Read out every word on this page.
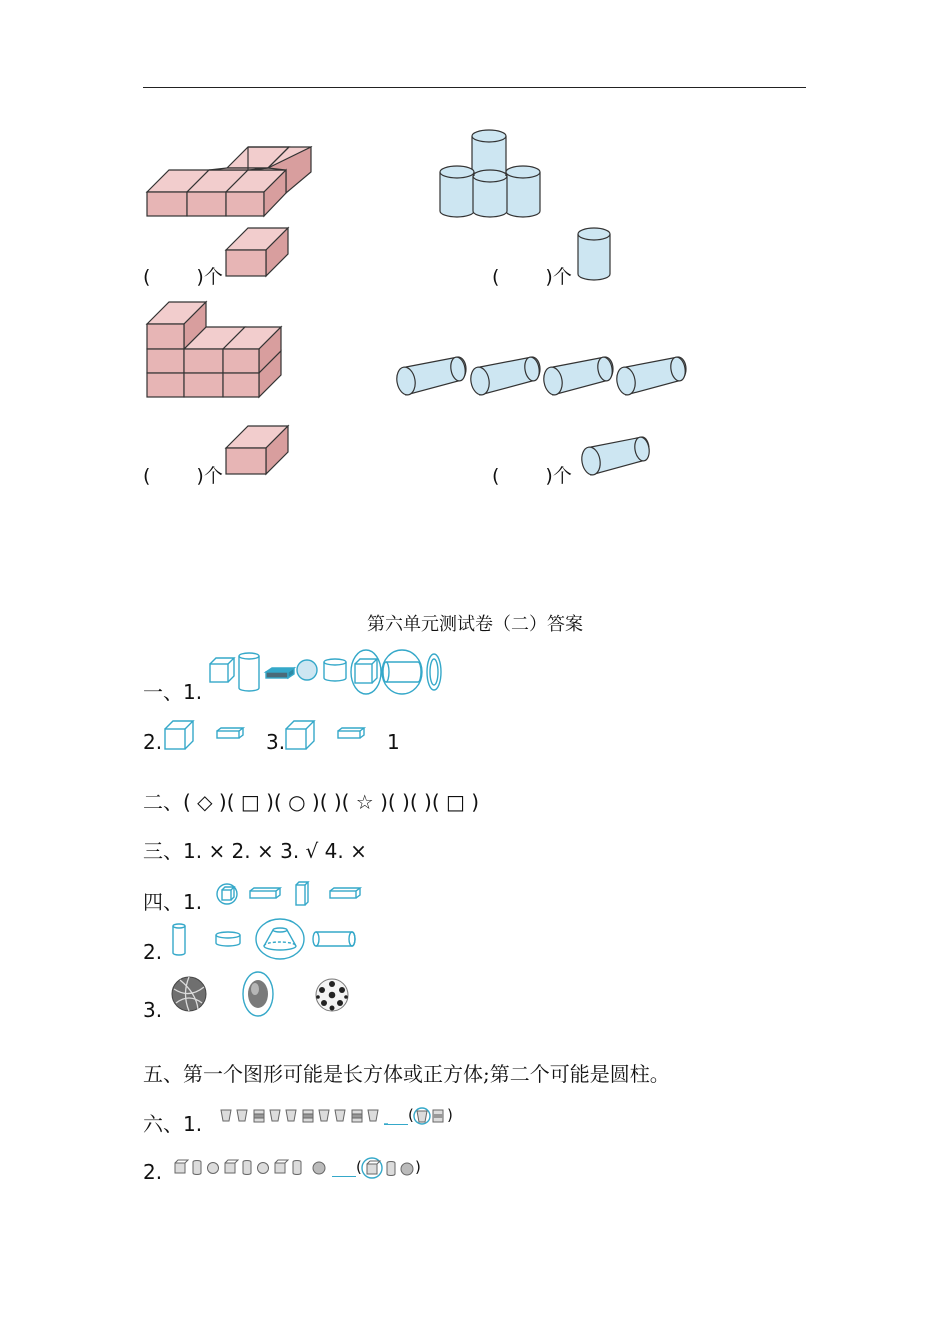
( )个	( )个
( )个	( )个
第六单元测试卷（二）答案
一、1.
2.	3.	1
二、( ◇ )( □ )( ○ )( )( ☆ )( )( )( □ )
三、1. × 2. × 3. √ 4. ×
四、1.
2.
3.
五、第一个图形可能是长方体或正方体;第二个可能是圆柱。
六、1.	( )
2.	(	)
